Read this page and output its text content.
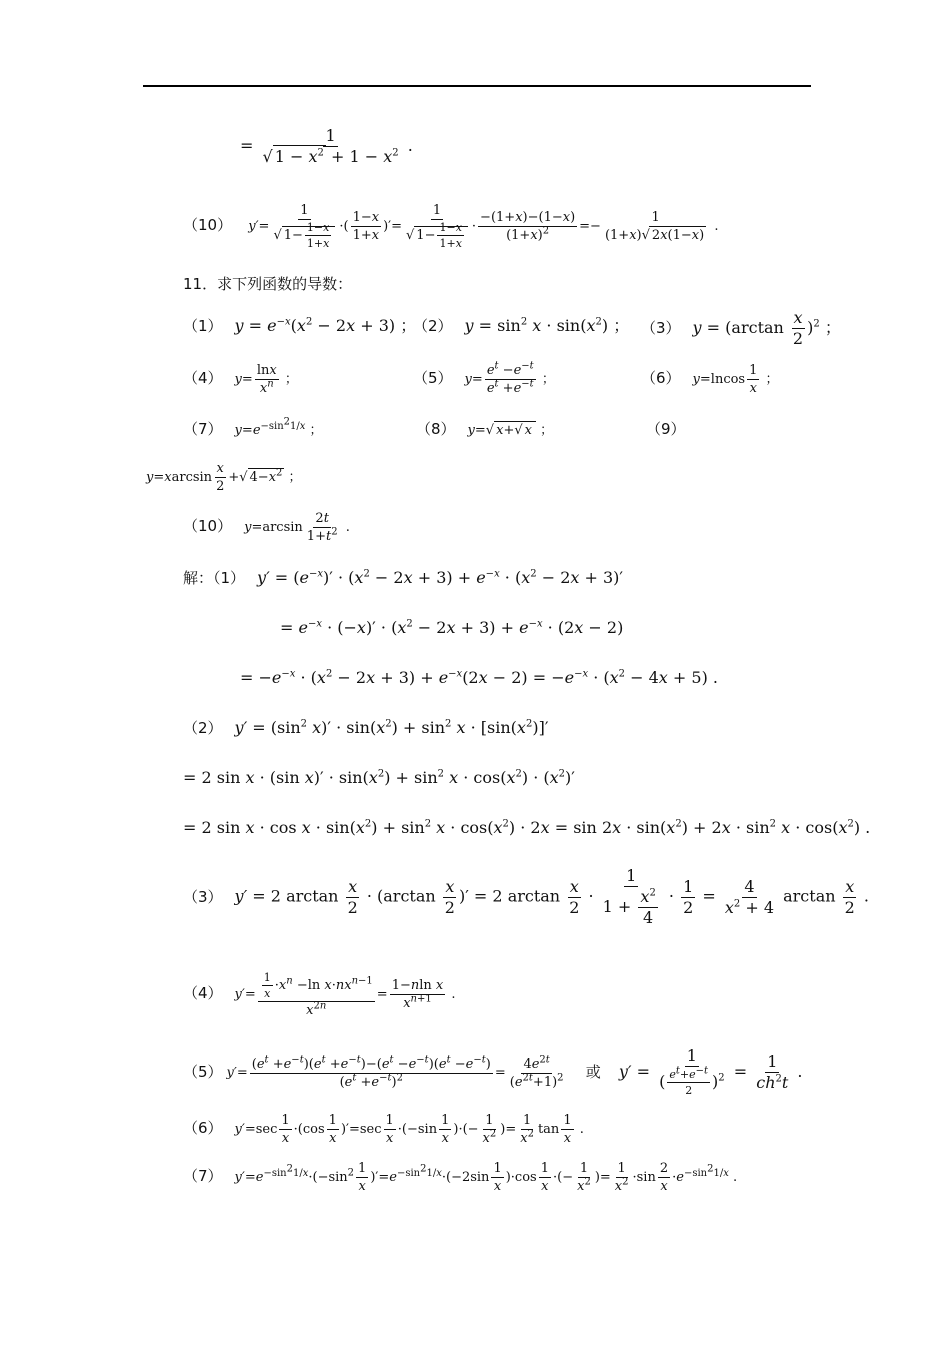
= $\frac{1}{√ 1 - x^2 + 1 - x^2}$ .
（10） $y'= \frac{1}{√ 1- \frac{1-x}{1+x}}$ ·( $\frac{1-x}{1+x}$ )′= $\frac{1}{√ 1- \frac{1-x}{1+x}} \cdot \frac{-(1+x)-(1-x)}{(1+x)^2} =- \frac{1}{(1+x)√ 2x(1-x)}$ .
11．求下列函数的导数：
（1） $y = e^{-x}(x^2 - 2x + 3)$ ；
（2） $y = \sin^2 x \cdot \sin(x^2)$ ； （3） $y = (\arctan \frac{x}{2} )^2$ ；
（4） $y= \frac{\ln x}{x^n}$ ；	（5） $y= \frac{e^t -e^{-t}}{e^t +e^{-t}}$ ；	（6） $y=lncos \frac{1}{x}$ ；
（7） $y=e^{-sin^21/x}$ ；	（8） y=√ x+√ x ；	（9）
$y=xarcsin \frac{x}{2}$ +√ $4-x^2$ ；
（10） $y=\arcsin \frac{2t}{1+t^2}$ .
解：（1） $y' = (e^{-x})' \cdot (x^2 - 2x + 3) + e^{-x} \cdot (x^2 - 2x + 3)'$
= $e^{-x} \cdot (-x)' \cdot (x^2 - 2x + 3) + e^{-x} \cdot (2x - 2)$
= $-e^{-x} \cdot (x^2 - 2x + 3) + e^{-x}(2x - 2) = -e^{-x} \cdot (x^2 - 4x + 5)$ .
（2） $y' = (\sin^2$ $x)' \cdot \sin(x^2) + \sin^2 x \cdot [\sin(x^2)]'$
= 2 sin x · (sin $x)' \cdot \sin(x^2) + \sin^2 x \cdot \cos(x^2) \cdot (x^2)'$
= 2 $\sin x \cdot \cos x \cdot \sin(x^2) + \sin^2 x \cdot \cos(x^2) \cdot 2x = \sin 2x \cdot \sin(x^2) + 2x \cdot \sin^2 x \cdot \cos(x^2)$ .
（3） y′ = 2 $\arctan \frac{x}{2} \cdot (\arctan \frac{x}{2}$ )′ = 2 $\arctan \frac{x}{2} \cdot \frac{1}{1 + \frac{x^2}{4}} \cdot \frac{1}{2} = \frac{4}{x^2 + 4}$ $\arctan \frac{x}{2}$ .
（4） $y'= \frac{\frac{1}{x} \cdot x^n -\ln x\cdot nx^{n-1}}{x^{2n}} = \frac{\text{1−nln x}}{x^{n+1}}$ .
（5） $y'= \frac{(e^t +e^{-t})(e^t +e^{-t})-(e^t -e^{-t})(e^t -e^{-t})}{(e^t +e^{-t})^2} = \frac{4e^{2t}}{(e^{2t}+1)^2}$ 或 $y' = \frac{1}{( \frac{e^t+e^{-t}}{2} )^2} = \frac{1}{ch^2t}$ .
（6） $y'=\sec \frac{1}{x} \cdot(\cos \frac{1}{x} )'=\sec \frac{1}{x} \cdot(-\sin \frac{1}{x}$ )·(− $\frac{1}{x^2}$ )= $\frac{1}{x^2}$ $\tan \frac{1}{x}$ .
（7） $y'=e^{-sin^21/x}\cdot(-\sin^2 \frac{1}{x} )'=e^{-sin^21/x}\cdot(-2\sin \frac{1}{x} )\cdot\cos \frac{1}{x}$ ·(− $\frac{1}{x^2}$ )= $\frac{1}{x^2} \cdot\sin \frac{2}{x} \cdot e^{-sin^21/x}$ .
